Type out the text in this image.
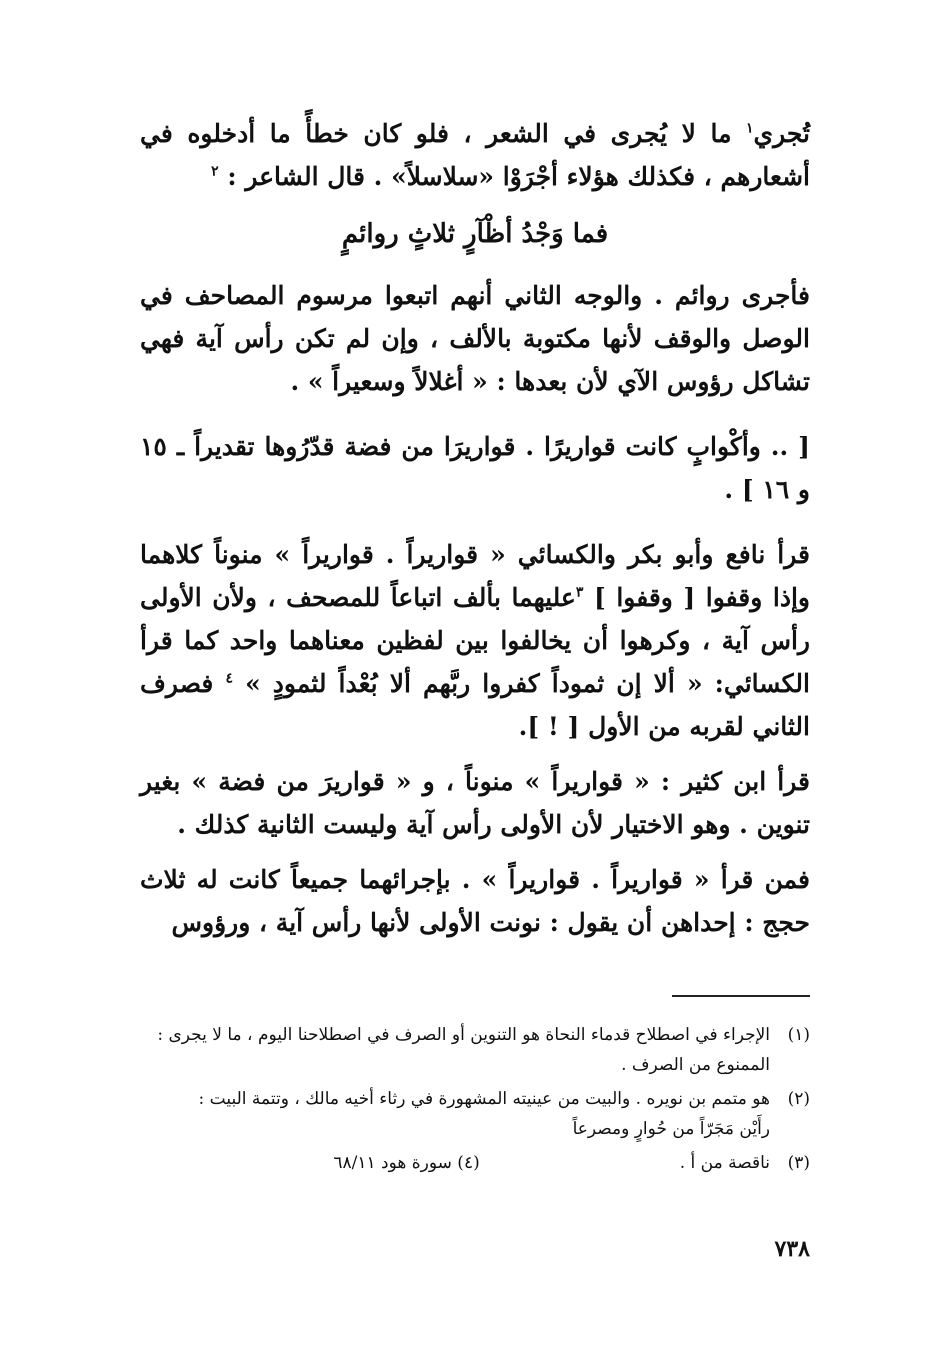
تُجري$^١$ ما لا يُجرى في الشعر ، فلو كان خطأً ما أدخلوه في أشعارهم ، فكذلك هؤلاء أجْرَوْا «سلاسلاً» . قال الشاعر : $^٢$

فما وَجْدُ أظْآرٍ ثلاثٍ روائمٍ

فأجرى روائم . والوجه الثاني أنهم اتبعوا مرسوم المصاحف في الوصل والوقف لأنها مكتوبة بالألف ، وإن لم تكن رأس آية فهي تشاكل رؤوس الآي لأن بعدها : « أغلالاً وسعيراً » .

[ .. وأكْوابٍ كانت قواريرًا . قواريرَا من فضة قدّرُوها تقديراً ـ ١٥ و ١٦ ] .

قرأ نافع وأبو بكر والكسائي « قواريراً . قواريراً » منوناً كلاهما وإذا وقفوا [ وقفوا ] $^٣$عليهما بألف اتباعاً للمصحف ، ولأن الأولى رأس آية ، وكرهوا أن يخالفوا بين لفظين معناهما واحد كما قرأ الكسائي: « ألا إن ثموداً كفروا ربَّهم ألا بُعْداً لثمودٍ » $^٤$ فصرف الثاني لقربه من الأول [ ! ].

قرأ ابن كثير : « قواريراً » منوناً ، و « قواريرَ من فضة » بغير تنوين . وهو الاختيار لأن الأولى رأس آية وليست الثانية كذلك .

فمن قرأ « قواريراً . قواريراً » . بإجرائهما جميعاً كانت له ثلاث حجج : إحداهن أن يقول : نونت الأولى لأنها رأس آية ، ورؤوس

(١)
الإجراء في اصطلاح قدماء النحاة هو التنوين أو الصرف في اصطلاحنا اليوم ، ما لا يجرى : الممنوع من الصرف .
(٢)
هو متمم بن نويره . والبيت من عينيته المشهورة في رثاء أخيه مالك ، وتتمة البيت :
رأَيْن مَجَرّاً من حُوارٍ ومصرعاً
(٣)
ناقصة من أ .
(٤) سورة هود ٦٨/١١
٧٣٨
